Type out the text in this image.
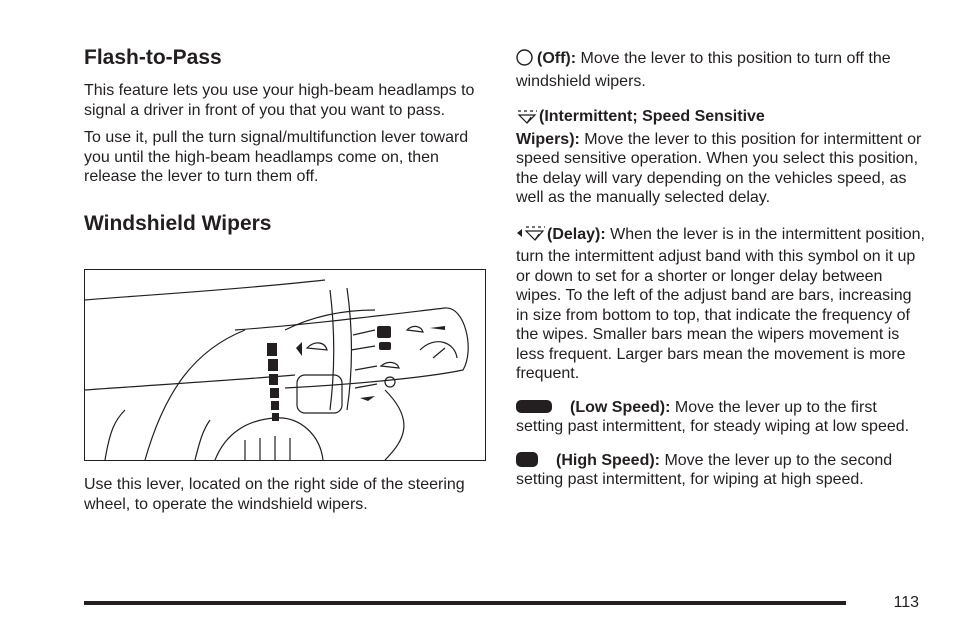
Flash-to-Pass

This feature lets you use your high-beam headlamps to signal a driver in front of you that you want to pass.

To use it, pull the turn signal/multifunction lever toward you until the high-beam headlamps come on, then release the lever to turn them off.

Windshield Wipers

Use this lever, located on the right side of the steering wheel, to operate the windshield wipers.

(Off): Move the lever to this position to turn off the windshield wipers.

(Intermittent; Speed Sensitive
Wipers): Move the lever to this position for intermittent or speed sensitive operation. When you select this position, the delay will vary depending on the vehicles speed, as well as the manually selected delay.

(Delay): When the lever is in the intermittent position, turn the intermittent adjust band with this symbol on it up or down to set for a shorter or longer delay between wipes. To the left of the adjust band are bars, increasing in size from bottom to top, that indicate the frequency of the wipes. Smaller bars mean the wipers movement is less frequent. Larger bars mean the movement is more frequent.

(Low Speed): Move the lever up to the first setting past intermittent, for steady wiping at low speed.

(High Speed): Move the lever up to the second setting past intermittent, for wiping at high speed.

113
